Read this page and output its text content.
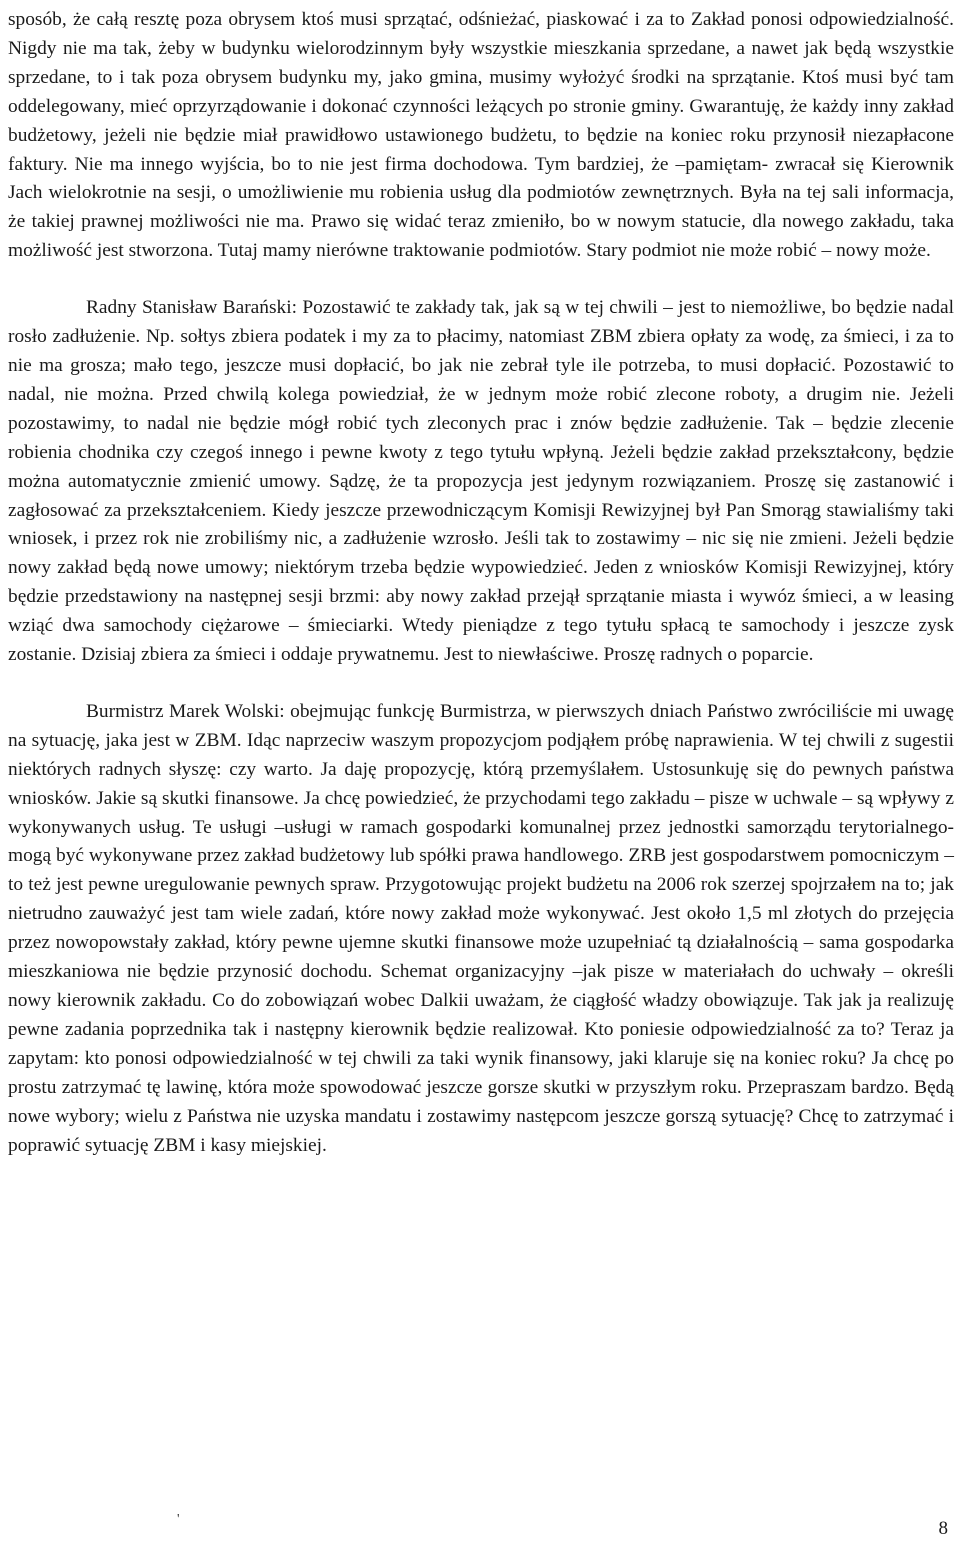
sposób, że całą resztę poza obrysem ktoś musi sprzątać, odśnieżać, piaskować i za to Zakład ponosi odpowiedzialność. Nigdy nie ma tak, żeby w budynku wielorodzinnym były wszystkie mieszkania sprzedane, a nawet jak będą wszystkie sprzedane, to i tak poza obrysem budynku my, jako gmina, musimy wyłożyć środki na sprzątanie. Ktoś musi być tam oddelegowany, mieć oprzyrządowanie i dokonać czynności leżących po stronie gminy. Gwarantuję, że każdy inny zakład budżetowy, jeżeli nie będzie miał prawidłowo ustawionego budżetu, to będzie na koniec roku przynosił niezapłacone faktury. Nie ma innego wyjścia, bo to nie jest firma dochodowa. Tym bardziej, że –pamiętam- zwracał się Kierownik Jach wielokrotnie na sesji, o umożliwienie mu robienia usług dla podmiotów zewnętrznych. Była na tej sali informacja, że takiej prawnej możliwości nie ma. Prawo się widać teraz zmieniło, bo w nowym statucie, dla nowego zakładu, taka możliwość jest stworzona. Tutaj mamy nierówne traktowanie podmiotów. Stary podmiot nie może robić – nowy może.

Radny Stanisław Barański: Pozostawić te zakłady tak, jak są w tej chwili – jest to niemożliwe, bo będzie nadal rosło zadłużenie. Np. sołtys zbiera podatek i my za to płacimy, natomiast ZBM zbiera opłaty za wodę, za śmieci, i za to nie ma grosza; mało tego, jeszcze musi dopłacić, bo jak nie zebrał tyle ile potrzeba, to musi dopłacić. Pozostawić to nadal, nie można. Przed chwilą kolega powiedział, że w jednym może robić zlecone roboty, a drugim nie. Jeżeli pozostawimy, to nadal nie będzie mógł robić tych zleconych prac i znów będzie zadłużenie. Tak – będzie zlecenie robienia chodnika czy czegoś innego i pewne kwoty z tego tytułu wpłyną. Jeżeli będzie zakład przekształcony, będzie można automatycznie zmienić umowy. Sądzę, że ta propozycja jest jedynym rozwiązaniem. Proszę się zastanowić i zagłosować za przekształceniem. Kiedy jeszcze przewodniczącym Komisji Rewizyjnej był Pan Smorąg stawialiśmy taki wniosek, i przez rok nie zrobiliśmy nic, a zadłużenie wzrosło. Jeśli tak to zostawimy – nic się nie zmieni. Jeżeli będzie nowy zakład będą nowe umowy; niektórym trzeba będzie wypowiedzieć. Jeden z wniosków Komisji Rewizyjnej, który będzie przedstawiony na następnej sesji brzmi: aby nowy zakład przejął sprzątanie miasta i wywóz śmieci, a w leasing wziąć dwa samochody ciężarowe – śmieciarki. Wtedy pieniądze z tego tytułu spłacą te samochody i jeszcze zysk zostanie. Dzisiaj zbiera za śmieci i oddaje prywatnemu. Jest to niewłaściwe. Proszę radnych o poparcie.

Burmistrz Marek Wolski: obejmując funkcję Burmistrza, w pierwszych dniach Państwo zwróciliście mi uwagę na sytuację, jaka jest w ZBM. Idąc naprzeciw waszym propozycjom podjąłem próbę naprawienia. W tej chwili z sugestii niektórych radnych słyszę: czy warto. Ja daję propozycję, którą przemyślałem. Ustosunkuję się do pewnych państwa wniosków. Jakie są skutki finansowe. Ja chcę powiedzieć, że przychodami tego zakładu – pisze w uchwale – są wpływy z wykonywanych usług. Te usługi –usługi w ramach gospodarki komunalnej przez jednostki samorządu terytorialnego- mogą być wykonywane przez zakład budżetowy lub spółki prawa handlowego. ZRB jest gospodarstwem pomocniczym – to też jest pewne uregulowanie pewnych spraw. Przygotowując projekt budżetu na 2006 rok szerzej spojrzałem na to; jak nietrudno zauważyć jest tam wiele zadań, które nowy zakład może wykonywać. Jest około 1,5 ml złotych do przejęcia przez nowopowstały zakład, który pewne ujemne skutki finansowe może uzupełniać tą działalnością – sama gospodarka mieszkaniowa nie będzie przynosić dochodu. Schemat organizacyjny –jak pisze w materiałach do uchwały – określi nowy kierownik zakładu. Co do zobowiązań wobec Dalkii uważam, że ciągłość władzy obowiązuje. Tak jak ja realizuję pewne zadania poprzednika tak i następny kierownik będzie realizował. Kto poniesie odpowiedzialność za to? Teraz ja zapytam: kto ponosi odpowiedzialność w tej chwili za taki wynik finansowy, jaki klaruje się na koniec roku? Ja chcę po prostu zatrzymać tę lawinę, która może spowodować jeszcze gorsze skutki w przyszłym roku. Przepraszam bardzo. Będą nowe wybory; wielu z Państwa nie uzyska mandatu i zostawimy następcom jeszcze gorszą sytuację? Chcę to zatrzymać i poprawić sytuację ZBM i kasy miejskiej.

'	8
